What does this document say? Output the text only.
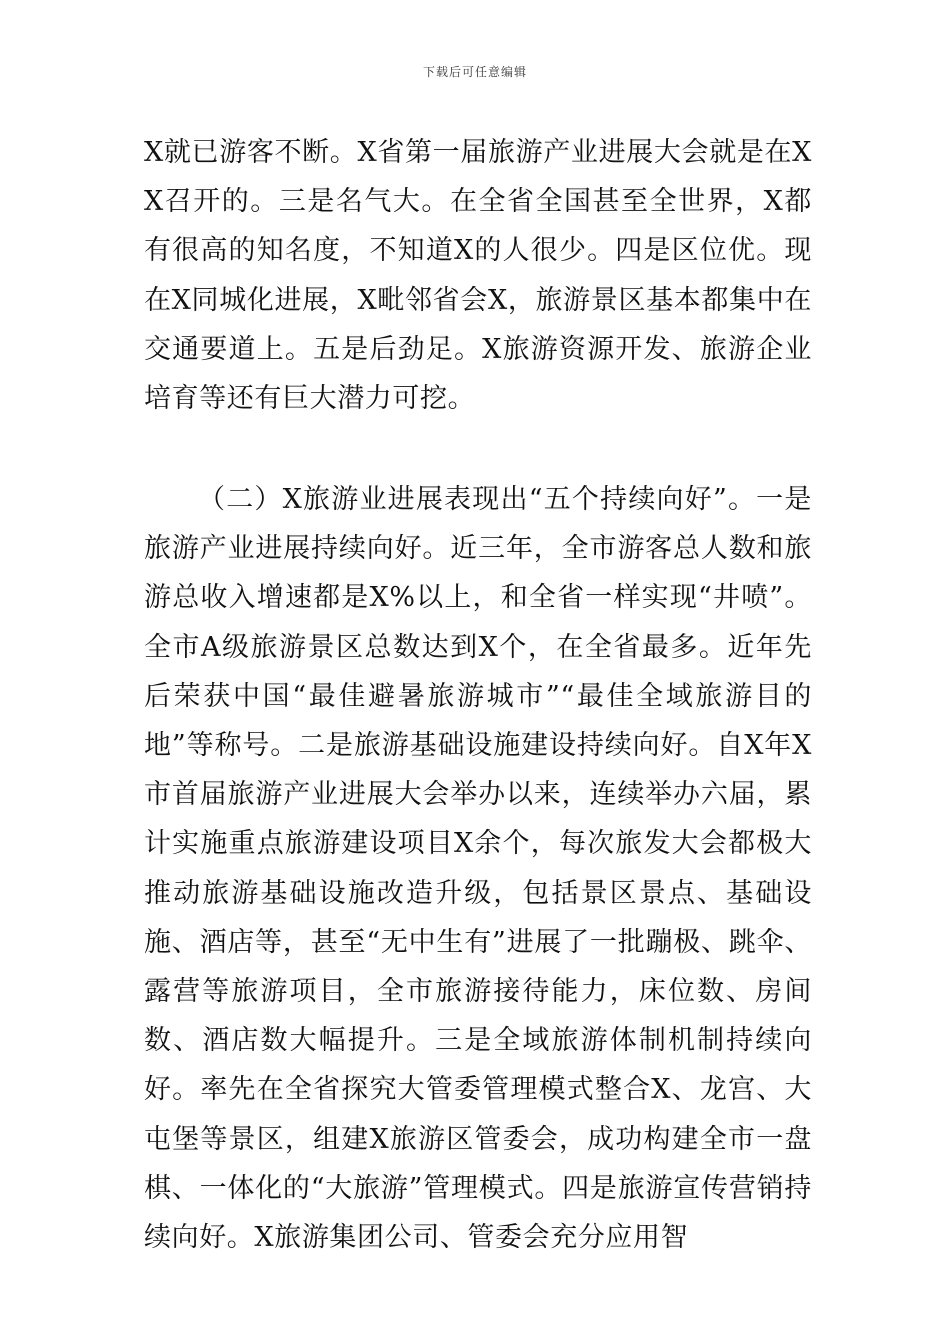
下载后可任意编辑

X就已游客不断。X省第一届旅游产业进展大会就是在XX召开的。三是名气大。在全省全国甚至全世界，X都有很高的知名度，不知道X的人很少。四是区位优。现在X同城化进展，X毗邻省会X，旅游景区基本都集中在交通要道上。五是后劲足。X旅游资源开发、旅游企业培育等还有巨大潜力可挖。

（二）X旅游业进展表现出“五个持续向好”。一是旅游产业进展持续向好。近三年，全市游客总人数和旅游总收入增速都是X%以上，和全省一样实现“井喷”。全市A级旅游景区总数达到X个，在全省最多。近年先后荣获中国“最佳避暑旅游城市”“最佳全域旅游目的地”等称号。二是旅游基础设施建设持续向好。自X年X市首届旅游产业进展大会举办以来，连续举办六届，累计实施重点旅游建设项目X余个，每次旅发大会都极大推动旅游基础设施改造升级，包括景区景点、基础设施、酒店等，甚至“无中生有”进展了一批蹦极、跳伞、露营等旅游项目，全市旅游接待能力，床位数、房间数、酒店数大幅提升。三是全域旅游体制机制持续向好。率先在全省探究大管委管理模式整合X、龙宫、大屯堡等景区，组建X旅游区管委会，成功构建全市一盘棋、一体化的“大旅游”管理模式。四是旅游宣传营销持续向好。X旅游集团公司、管委会充分应用智
